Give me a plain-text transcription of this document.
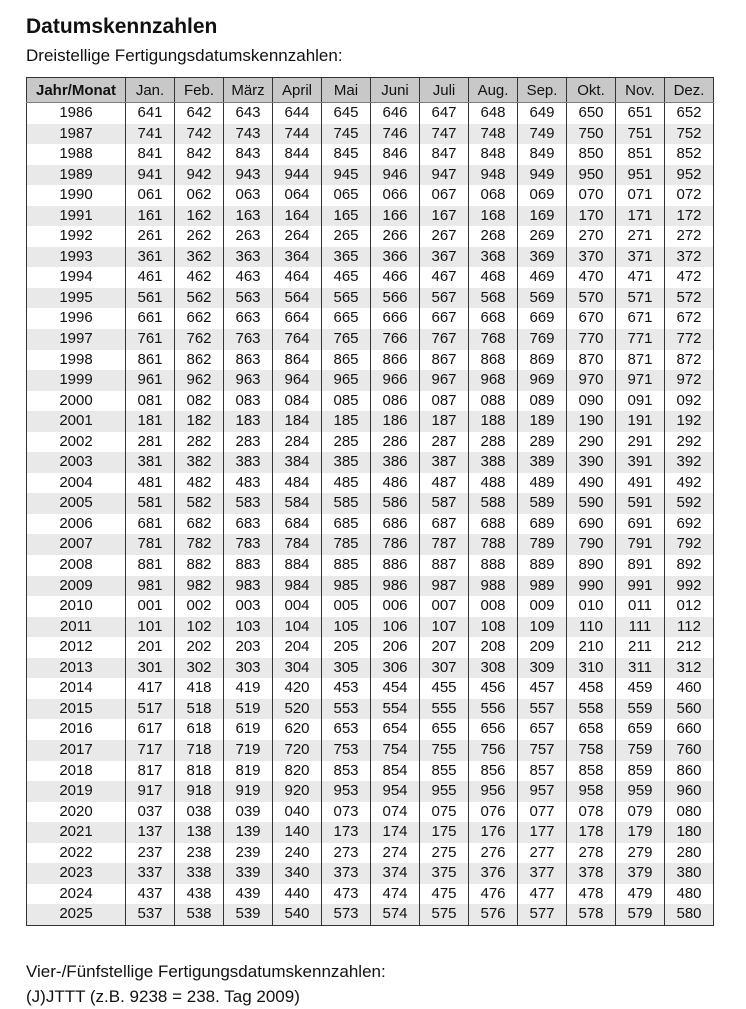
Datumskennzahlen
Dreistellige Fertigungsdatumskennzahlen:
Jahr/Monat	Jan.	Feb.	März	April	Mai	Juni	Juli	Aug.	Sep.	Okt.	Nov.	Dez.
1986	641	642	643	644	645	646	647	648	649	650	651	652
1987	741	742	743	744	745	746	747	748	749	750	751	752
1988	841	842	843	844	845	846	847	848	849	850	851	852
1989	941	942	943	944	945	946	947	948	949	950	951	952
1990	061	062	063	064	065	066	067	068	069	070	071	072
1991	161	162	163	164	165	166	167	168	169	170	171	172
1992	261	262	263	264	265	266	267	268	269	270	271	272
1993	361	362	363	364	365	366	367	368	369	370	371	372
1994	461	462	463	464	465	466	467	468	469	470	471	472
1995	561	562	563	564	565	566	567	568	569	570	571	572
1996	661	662	663	664	665	666	667	668	669	670	671	672
1997	761	762	763	764	765	766	767	768	769	770	771	772
1998	861	862	863	864	865	866	867	868	869	870	871	872
1999	961	962	963	964	965	966	967	968	969	970	971	972
2000	081	082	083	084	085	086	087	088	089	090	091	092
2001	181	182	183	184	185	186	187	188	189	190	191	192
2002	281	282	283	284	285	286	287	288	289	290	291	292
2003	381	382	383	384	385	386	387	388	389	390	391	392
2004	481	482	483	484	485	486	487	488	489	490	491	492
2005	581	582	583	584	585	586	587	588	589	590	591	592
2006	681	682	683	684	685	686	687	688	689	690	691	692
2007	781	782	783	784	785	786	787	788	789	790	791	792
2008	881	882	883	884	885	886	887	888	889	890	891	892
2009	981	982	983	984	985	986	987	988	989	990	991	992
2010	001	002	003	004	005	006	007	008	009	010	011	012
2011	101	102	103	104	105	106	107	108	109	110	111	112
2012	201	202	203	204	205	206	207	208	209	210	211	212
2013	301	302	303	304	305	306	307	308	309	310	311	312
2014	417	418	419	420	453	454	455	456	457	458	459	460
2015	517	518	519	520	553	554	555	556	557	558	559	560
2016	617	618	619	620	653	654	655	656	657	658	659	660
2017	717	718	719	720	753	754	755	756	757	758	759	760
2018	817	818	819	820	853	854	855	856	857	858	859	860
2019	917	918	919	920	953	954	955	956	957	958	959	960
2020	037	038	039	040	073	074	075	076	077	078	079	080
2021	137	138	139	140	173	174	175	176	177	178	179	180
2022	237	238	239	240	273	274	275	276	277	278	279	280
2023	337	338	339	340	373	374	375	376	377	378	379	380
2024	437	438	439	440	473	474	475	476	477	478	479	480
2025	537	538	539	540	573	574	575	576	577	578	579	580
Vier-/Fünfstellige Fertigungsdatumskennzahlen:
(J)JTTT (z.B. 9238 = 238. Tag 2009)
